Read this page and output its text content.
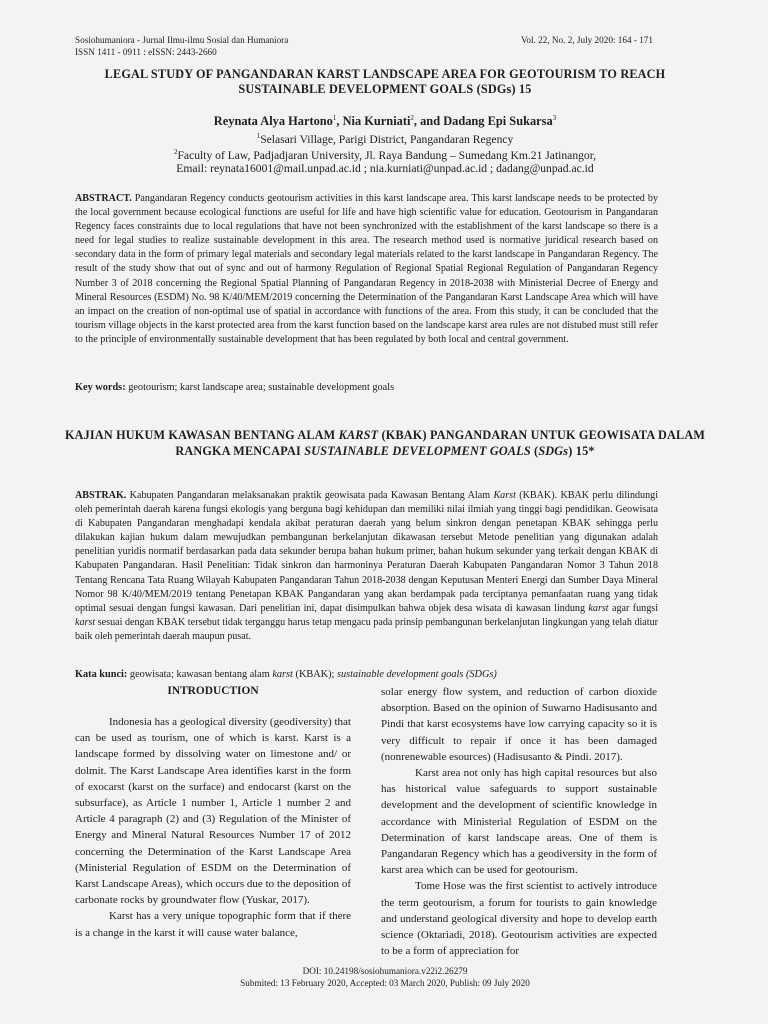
Sosiohumaniora - Jurnal Ilmu-ilmu Sosial dan Humaniora
ISSN 1411 - 0911 : eISSN: 2443-2660
Vol. 22, No. 2, July 2020: 164 - 171
LEGAL STUDY OF PANGANDARAN KARST LANDSCAPE AREA FOR GEOTOURISM TO REACH SUSTAINABLE DEVELOPMENT GOALS (SDGs) 15
Reynata Alya Hartono$^1$, Nia Kurniati$^2$, and Dadang Epi Sukarsa$^3$
$^1$Selasari Village, Parigi District, Pangandaran Regency
$^2$Faculty of Law, Padjadjaran University, Jl. Raya Bandung – Sumedang Km.21 Jatinangor,
Email: reynata16001@mail.unpad.ac.id ; nia.kurniati@unpad.ac.id ; dadang@unpad.ac.id
ABSTRACT. Pangandaran Regency conducts geotourism activities in this karst landscape area. This karst landscape needs to be protected by the local government because ecological functions are useful for life and have high scientific value for education. Geotourism in Pangandaran Regency faces constraints due to local regulations that have not been synchronized with the establishment of the karst landscape so there is a need for legal studies to realize sustainable development in this area. The research method used is normative juridical research based on secondary data in the form of primary legal materials and secondary legal materials related to the karst landscape in Pangandaran Regency. The result of the study show that out of sync and out of harmony Regulation of Regional Spatial Regional Regulation of Pangandaran Regency Number 3 of 2018 concerning the Regional Spatial Planning of Pangandaran Regency in 2018-2038 with Ministerial Decree of Energy and Mineral Resources (ESDM) No. 98 K/40/MEM/2019 concerning the Determination of the Pangandaran Karst Landscape Area which will have an impact on the creation of non-optimal use of spatial in accordance with functions of the area. From this study, it can be concluded that the tourism village objects in the karst protected area from the karst function based on the landscape karst area rules are not distubed must still refer to the principle of environmentally sustainable development that has been regulated by both local and central government.
Key words: geotourism; karst landscape area; sustainable development goals
KAJIAN HUKUM KAWASAN BENTANG ALAM KARST (KBAK) PANGANDARAN UNTUK GEOWISATA DALAM RANGKA MENCAPAI SUSTAINABLE DEVELOPMENT GOALS (SDGs) 15*
ABSTRAK. Kabupaten Pangandaran melaksanakan praktik geowisata pada Kawasan Bentang Alam Karst (KBAK). KBAK perlu dilindungi oleh pemerintah daerah karena fungsi ekologis yang berguna bagi kehidupan dan memiliki nilai ilmiah yang tinggi bagi pendidikan. Geowisata di Kabupaten Pangandaran menghadapi kendala akibat peraturan daerah yang belum sinkron dengan penetapan KBAK sehingga perlu dilakukan kajian hukum dalam mewujudkan pembangunan berkelanjutan dikawasan tersebut Metode penelitian yang digunakan adalah penelitian yuridis normatif berdasarkan pada data sekunder berupa bahan hukum primer, bahan hukum sekunder yang terkait dengan KBAK di Kabupaten Pangandaran. Hasil Penelitian: Tidak sinkron dan harmoninya Peraturan Daerah Kabupaten Pangandaran Nomor 3 Tahun 2018 Tentang Rencana Tata Ruang Wilayah Kabupaten Pangandaran Tahun 2018-2038 dengan Keputusan Menteri Energi dan Sumber Daya Mineral Nomor 98 K/40/MEM/2019 tentang Penetapan KBAK Pangandaran yang akan berdampak pada terciptanya pemanfaatan ruang yang tidak optimal sesuai dengan fungsi kawasan. Dari penelitian ini, dapat disimpulkan bahwa objek desa wisata di kawasan lindung karst agar fungsi karst sesuai dengan KBAK tersebut tidak terganggu harus tetap mengacu pada prinsip pembangunan berkelanjutan lingkungan yang telah diatur baik oleh pemerintah daerah maupun pusat.
Kata kunci: geowisata; kawasan bentang alam karst (KBAK); sustainable development goals (SDGs)
INTRODUCTION

Indonesia has a geological diversity (geodiversity) that can be used as tourism, one of which is karst. Karst is a landscape formed by dissolving water on limestone and/ or dolmit. The Karst Landscape Area identifies karst in the form of exocarst (karst on the surface) and endocarst (karst on the subsurface), as Article 1 number 1, Article 1 number 2 and Article 4 paragraph (2) and (3) Regulation of the Minister of Energy and Mineral Natural Resources Number 17 of 2012 concerning the Determination of the Karst Landscape Area (Ministerial Regulation of ESDM on the Determination of Karst Landscape Areas), which occurs due to the deposition of carbonate rocks by groundwater flow (Yuskar, 2017).

Karst has a very unique topographic form that if there is a change in the karst it will cause water balance,

solar energy flow system, and reduction of carbon dioxide absorption. Based on the opinion of Suwarno Hadisusanto and Pindi that karst ecosystems have low carrying capacity so it is very difficult to repair if once it has been damaged (nonrenewable esources) (Hadisusanto & Pindi. 2017).

Karst area not only has high capital resources but also has historical value safeguards to support sustainable development and the development of scientific knowledge in accordance with Ministerial Regulation of ESDM on the Determination of karst landscape areas. One of them is Pangandaran Regency which has a geodiversity in the form of karst area which can be used for geotourism.

Tome Hose was the first scientist to actively introduce the term geotourism, a forum for tourists to gain knowledge and understand geological diversity and hope to develop earth science (Oktariadi, 2018). Geotourism activities are expected to be a form of appreciation for

DOI: 10.24198/sosiohumaniora.v22i2.26279
Submited: 13 February 2020, Accepted: 03 March 2020, Publish: 09 July 2020
